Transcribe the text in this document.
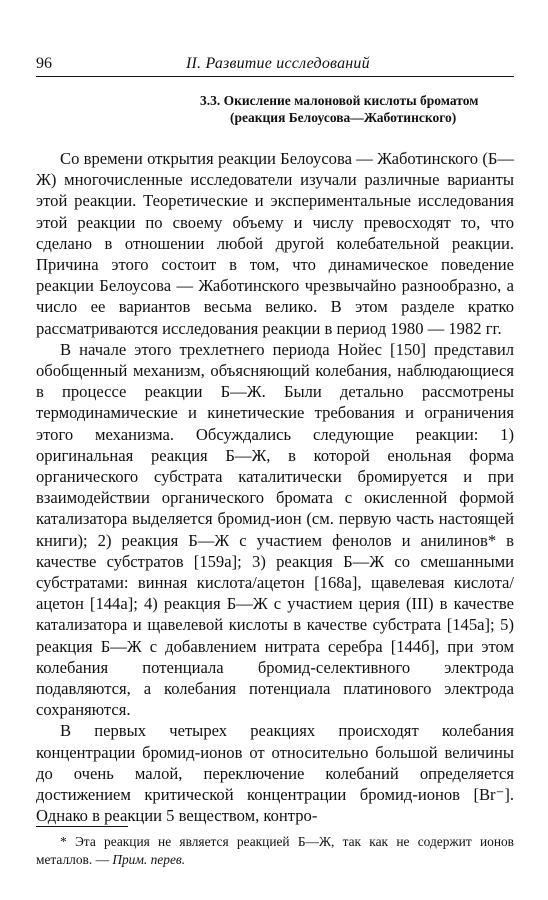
96	II. Развитие исследований
3.3. Окисление малоновой кислоты броматом
(реакция Белоусова—Жаботинского)

Со времени открытия реакции Белоусова — Жаботинского (Б—Ж) многочисленные исследователи изучали различные варианты этой реакции. Теоретические и экспериментальные исследования этой реакции по своему объему и числу превосходят то, что сделано в отношении любой другой колебательной реакции. Причина этого состоит в том, что динамическое поведение реакции Белоусова — Жаботинского чрезвычайно разнообразно, а число ее вариантов весьма велико. В этом разделе кратко рассматриваются исследования реакции в период 1980 — 1982 гг.

В начале этого трехлетнего периода Нойес [150] представил обобщенный механизм, объясняющий колебания, наблюдающиеся в процессе реакции Б—Ж. Были детально рассмотрены термодинамические и кинетические требования и ограничения этого механизма. Обсуждались следующие реакции: 1) оригинальная реакция Б—Ж, в которой енольная форма органического субстрата каталитически бромируется и при взаимодействии органического бромата с окисленной формой катализатора выделяется бромид-ион (см. первую часть настоящей книги); 2) реакция Б—Ж с участием фенолов и анилинов* в качестве субстратов [159а]; 3) реакция Б—Ж со смешанными субстратами: винная кислота/ацетон [168а], щавелевая кислота/ацетон [144а]; 4) реакция Б—Ж с участием церия (III) в качестве катализатора и щавелевой кислоты в качестве субстрата [145а]; 5) реакция Б—Ж с добавлением нитрата серебра [144б], при этом колебания потенциала бромид-селективного электрода подавляются, а колебания потенциала платинового электрода сохраняются.

В первых четырех реакциях происходят колебания концентрации бромид-ионов от относительно большой величины до очень малой, переключение колебаний определяется достижением критической концентрации бромид-ионов [Br⁻]. Однако в реакции 5 веществом, контро-

* Эта реакция не является реакцией Б—Ж, так как не содержит ионов металлов. — Прим. перев.
